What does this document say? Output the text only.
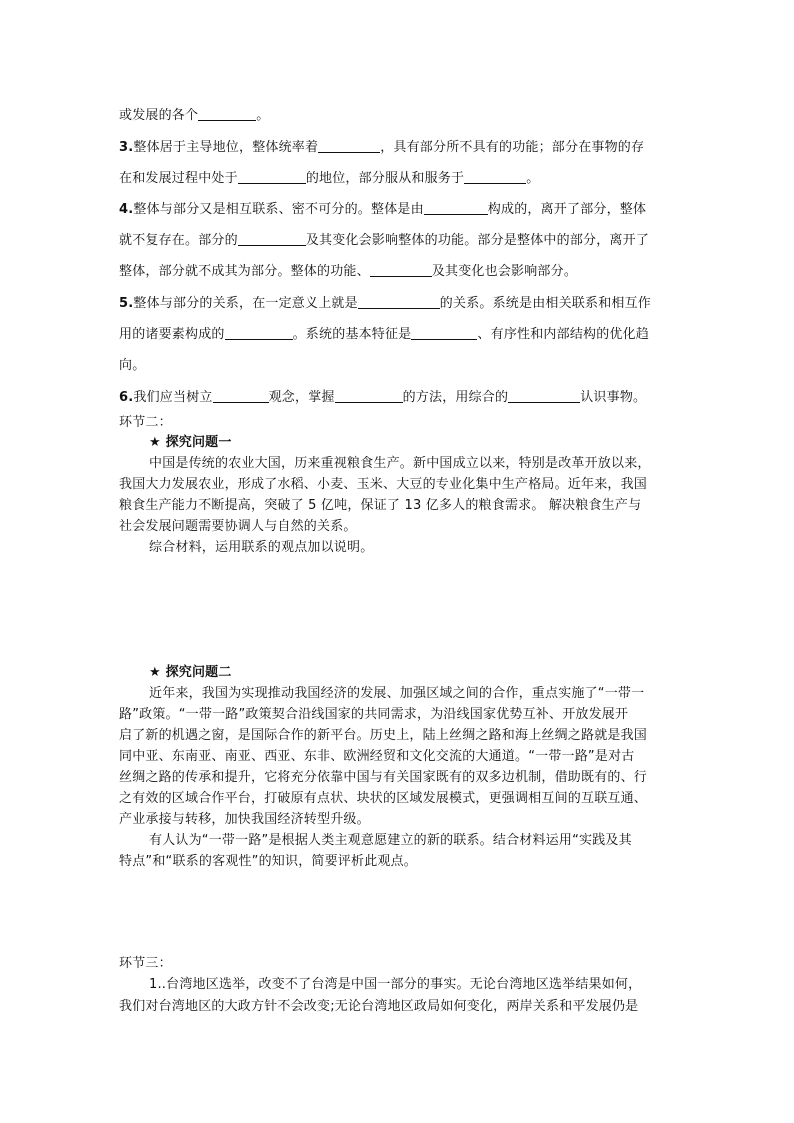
或发展的各个	。
3.整体居于主导地位，整体统率着	，具有部分所不具有的功能；部分在事物的存
在和发展过程中处于	的地位，部分服从和服务于	。
4.整体与部分又是相互联系、密不可分的。整体是由	构成的，离开了部分，整体
就不复存在。部分的	及其变化会影响整体的功能。部分是整体中的部分，离开了
整体，部分就不成其为部分。整体的功能、	及其变化也会影响部分。
5.整体与部分的关系，在一定意义上就是	的关系。系统是由相关联系和相互作
用的诸要素构成的	。系统的基本特征是	、有序性和内部结构的优化趋
向。
6.我们应当树立	观念，掌握	的方法，用综合的	认识事物。
环节二：
★ 探究问题一
中国是传统的农业大国，历来重视粮食生产。新中国成立以来，特别是改革开放以来，
我国大力发展农业，形成了水稻、小麦、玉米、大豆的专业化集中生产格局。近年来，我国
粮食生产能力不断提高，突破了 5 亿吨，保证了 13 亿多人的粮食需求。 解决粮食生产与
社会发展问题需要协调人与自然的关系。
综合材料，运用联系的观点加以说明。
★ 探究问题二
近年来，我国为实现推动我国经济的发展、加强区域之间的合作，重点实施了“一带一
路”政策。“一带一路”政策契合沿线国家的共同需求，为沿线国家优势互补、开放发展开
启了新的机遇之窗，是国际合作的新平台。历史上，陆上丝绸之路和海上丝绸之路就是我国
同中亚、东南亚、南亚、西亚、东非、欧洲经贸和文化交流的大通道。“一带一路”是对古
丝绸之路的传承和提升，它将充分依靠中国与有关国家既有的双多边机制，借助既有的、行
之有效的区域合作平台，打破原有点状、块状的区域发展模式，更强调相互间的互联互通、
产业承接与转移，加快我国经济转型升级。
有人认为“一带一路”是根据人类主观意愿建立的新的联系。结合材料运用“实践及其
特点”和“联系的客观性”的知识，简要评析此观点。
环节三：
1..台湾地区选举，改变不了台湾是中国一部分的事实。无论台湾地区选举结果如何，
我们对台湾地区的大政方针不会改变;无论台湾地区政局如何变化，两岸关系和平发展仍是
